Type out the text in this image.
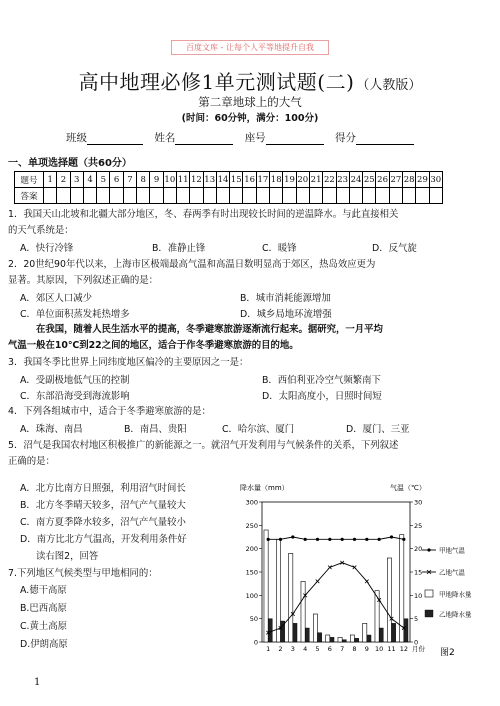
百度文库 - 让每个人平等地提升自我
高中地理必修1单元测试题(二) （人教版）
第二章地球上的大气
(时间：60分钟，满分：100分)
班级	姓名	座号	得分
一、单项选择题（共60分）
题号	1	2	3	4	5	6	7	8	9	10	11	12	13	14	15	16	17	18	19	20	21	22	23	24	25	26	27	28	29	30
答案																														
1．我国天山北坡和北疆大部分地区，冬、春两季有时出现较长时间的逆温降水。与此直接相关
的天气系统是：
A．快行冷锋	B．准静止锋	C．暖锋	D．反气旋
2．20世纪90年代以来，上海市区极端最高气温和高温日数明显高于郊区，热岛效应更为
显著。其原因，下列叙述正确的是：
A．郊区人口减少	B．城市消耗能源增加
C．单位面积蒸发耗热增多	D．城乡局地环流增强
在我国，随着人民生活水平的提高，冬季避寒旅游逐渐流行起来。据研究，一月平均
气温一般在10℃到22之间的地区，适合于作冬季避寒旅游的目的地。
3．我国冬季比世界上同纬度地区偏冷的主要原因之一是：
A．受副极地低气压的控制	B．西伯利亚冷空气频繁南下
C．东部沿海受到海流影响	D．太阳高度小，日照时间短
4．下列各组城市中，适合于冬季避寒旅游的是：
A．珠海、南昌	B．南昌、贵阳	C．哈尔滨、厦门	D．厦门、三亚
5．沼气是我国农村地区积极推广的新能源之一。就沼气开发利用与气候条件的关系，下列叙述
正确的是：
A．北方比南方日照强，利用沼气时间长
B．北方冬季晴天较多，沼气产气量较大
C．南方夏季降水较多，沼气产气量较小
D．南方比北方气温高，开发利用条件好
读右图2，回答
7.下列地区气候类型与甲地相同的：
A.德干高原
B.巴西高原
C.黄土高原
D.伊朗高原	0
50
100
150
200
250
300
0
5
10
15
20
25
30
降水量（mm）	气温（℃）
1 2 3 4 5 6 7 8 9 10 11 12 月份 图2
甲地气温
乙地气温
甲地降水量
乙地降水量
1
